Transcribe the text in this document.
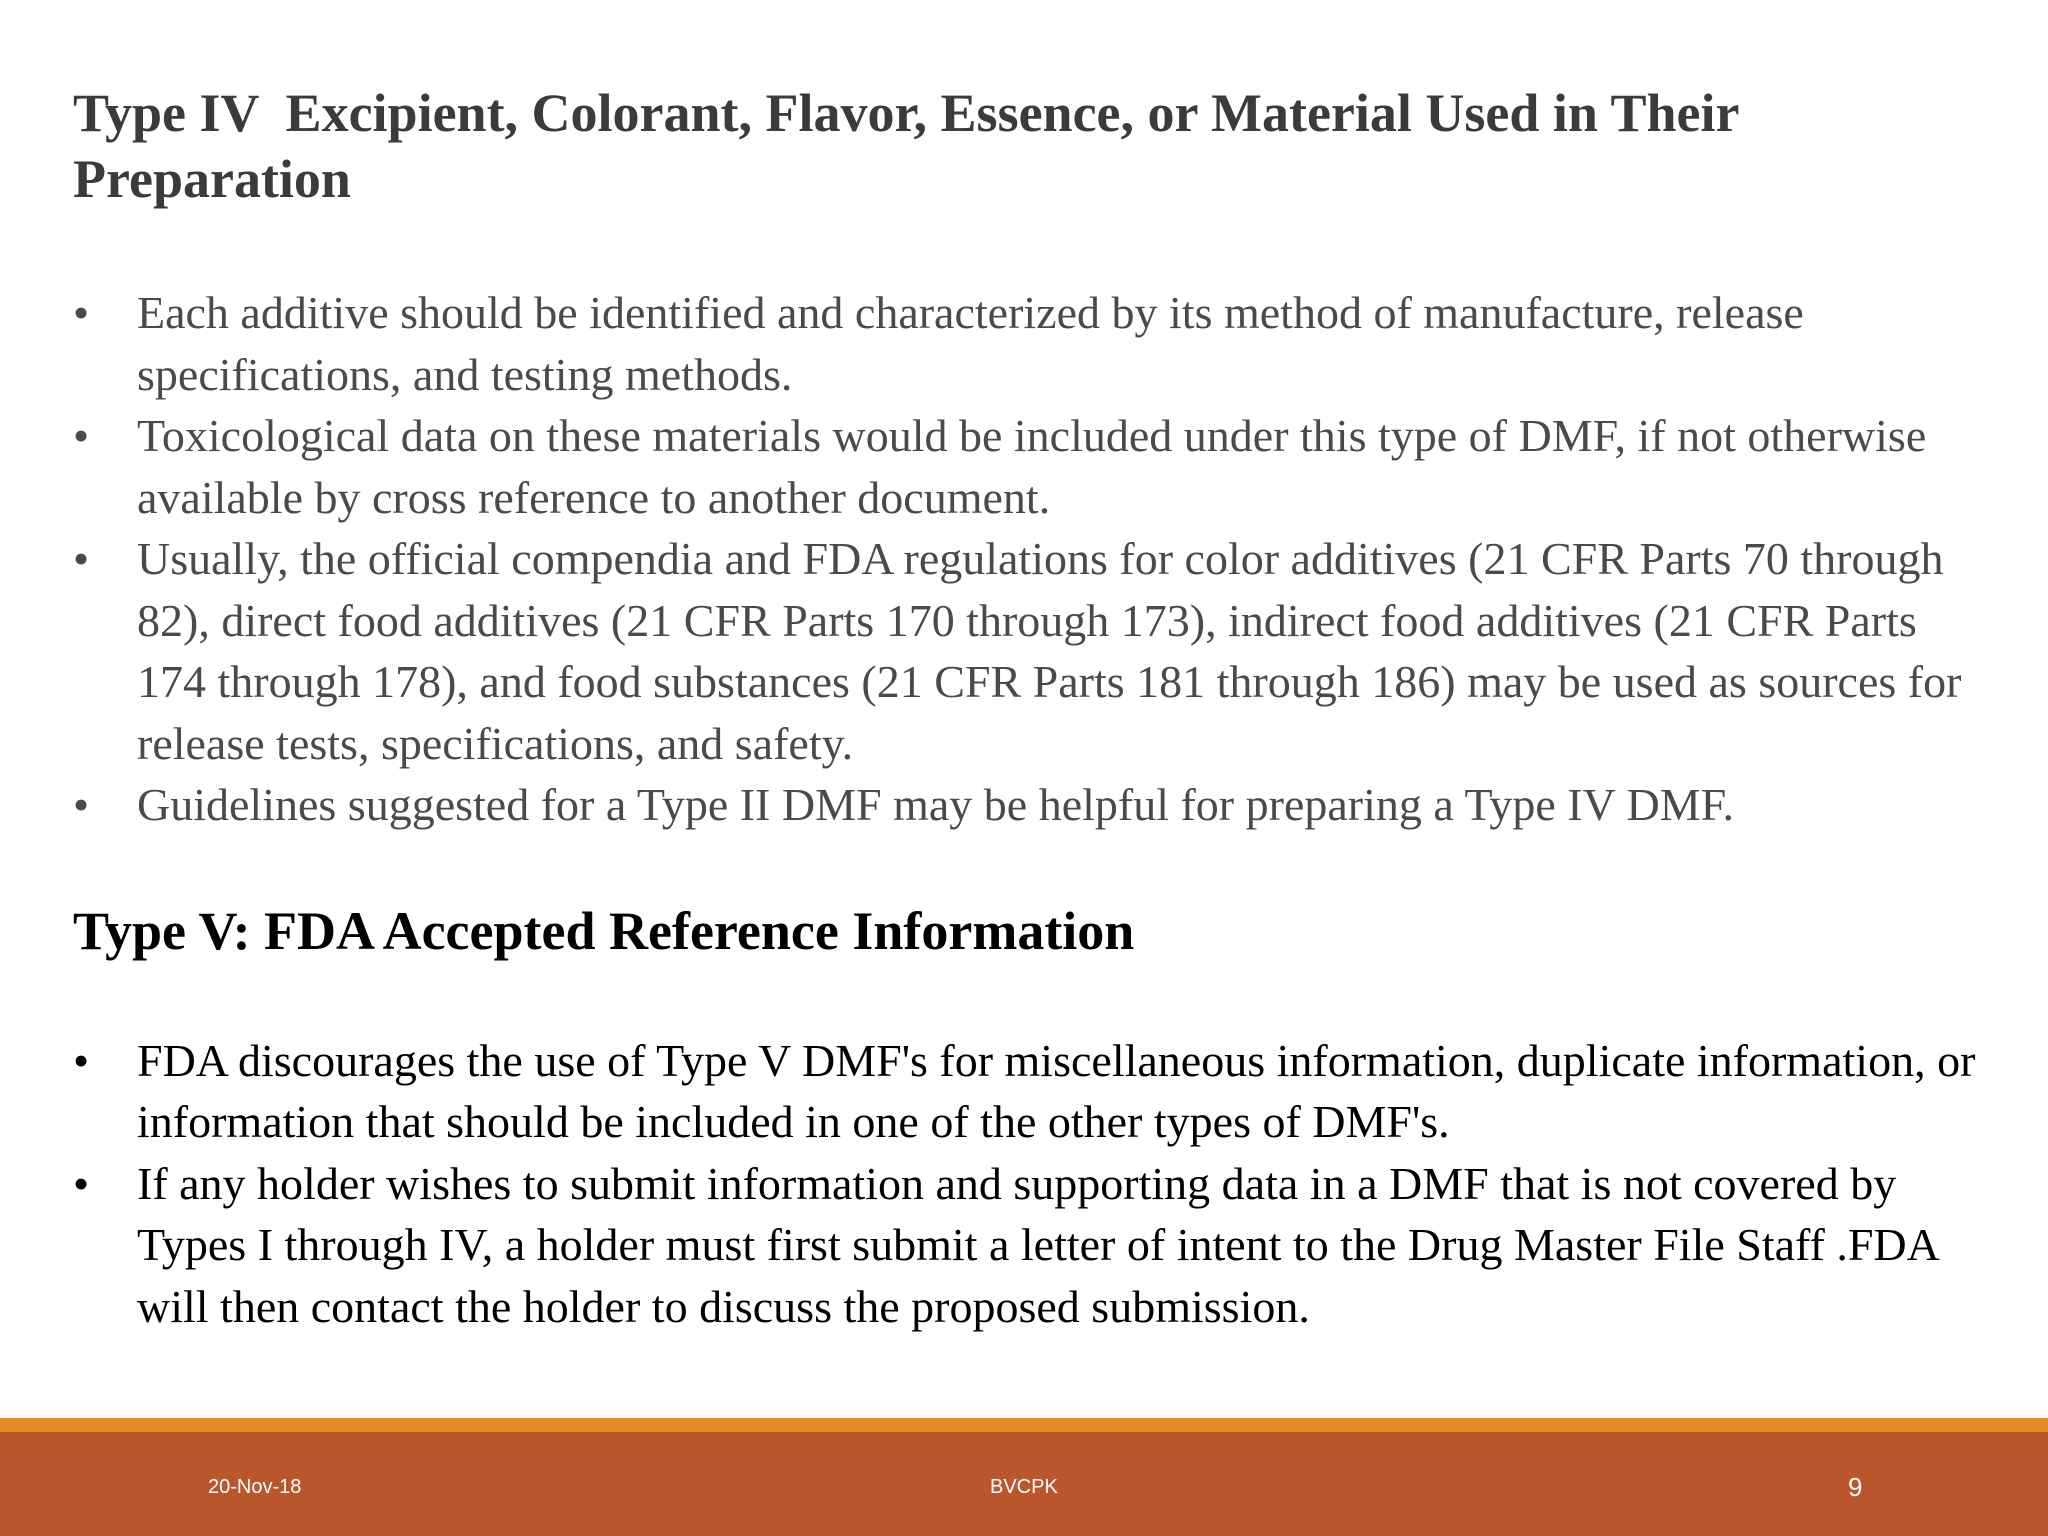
Type IV  Excipient, Colorant, Flavor, Essence, or Material Used in Their Preparation
•	Each additive should be identified and characterized by its method of manufacture, release specifications, and testing methods.
•	Toxicological data on these materials would be included under this type of DMF, if not otherwise available by cross reference to another document.
•	Usually, the official compendia and FDA regulations for color additives (21 CFR Parts 70 through 82), direct food additives (21 CFR Parts 170 through 173), indirect food additives (21 CFR Parts 174 through 178), and food substances (21 CFR Parts 181 through 186) may be used as sources for release tests, specifications, and safety.
•	Guidelines suggested for a Type II DMF may be helpful for preparing a Type IV DMF.
Type V: FDA Accepted Reference Information
•	FDA discourages the use of Type V DMF's for miscellaneous information, duplicate information, or information that should be included in one of the other types of DMF's.
•	If any holder wishes to submit information and supporting data in a DMF that is not covered by Types I through IV, a holder must first submit a letter of intent to the Drug Master File Staff .FDA will then contact the holder to discuss the proposed submission.
20-Nov-18	BVCPK	9
